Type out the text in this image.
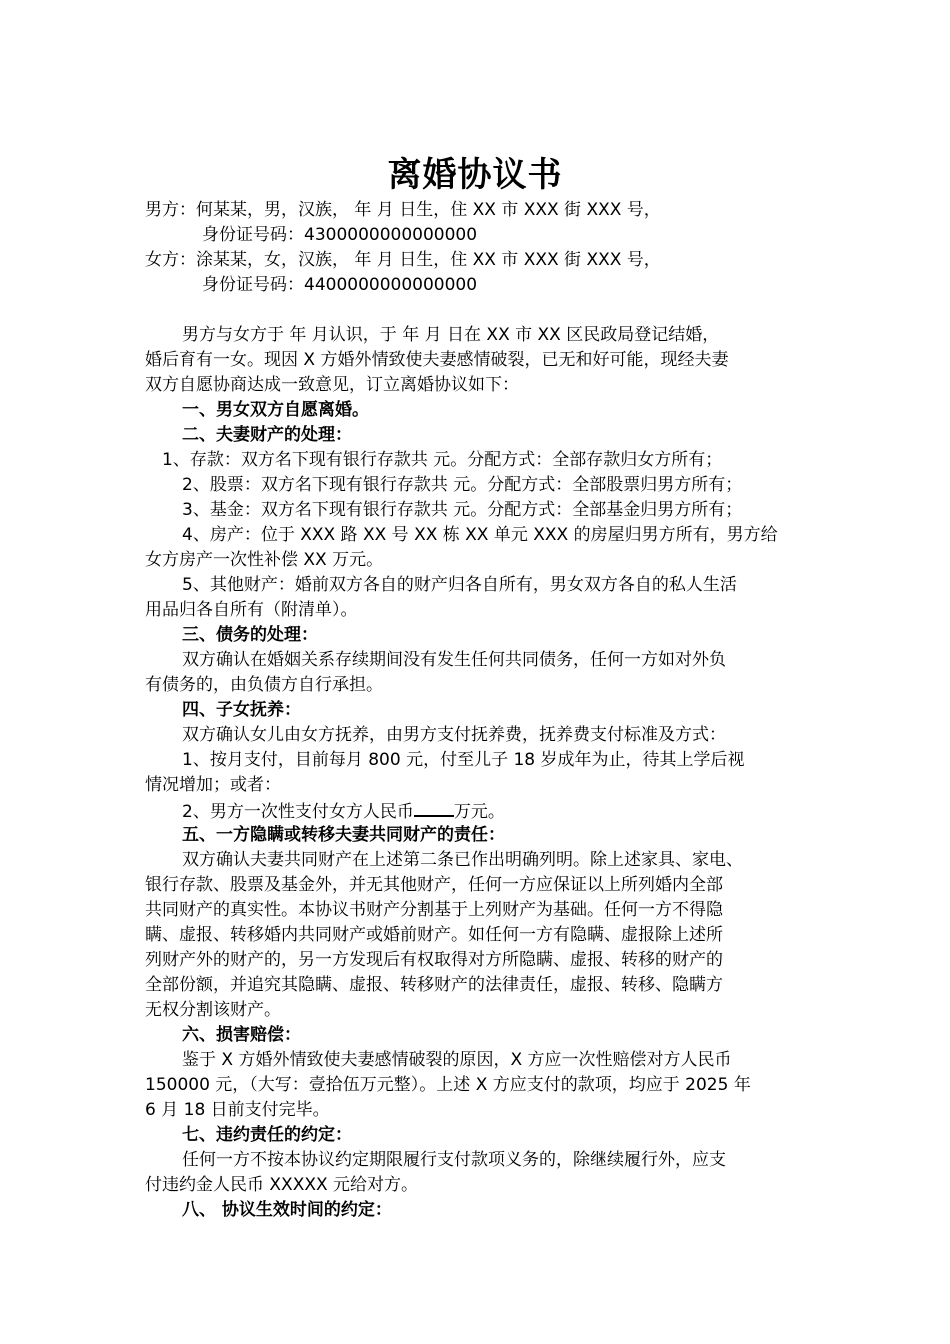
离婚协议书
男方：何某某，男，汉族， 年 月 日生，住 XX 市 XXX 街 XXX 号，
身份证号码：4300000000000000
女方：涂某某，女，汉族， 年 月 日生，住 XX 市 XXX 街 XXX 号，
身份证号码：4400000000000000
男方与女方于 年 月认识，于 年 月 日在 XX 市 XX 区民政局登记结婚，
婚后育有一女。现因 X 方婚外情致使夫妻感情破裂，已无和好可能，现经夫妻
双方自愿协商达成一致意见，订立离婚协议如下：
一、男女双方自愿离婚。
二、夫妻财产的处理：
1、存款：双方名下现有银行存款共 元。分配方式：全部存款归女方所有；
2、股票：双方名下现有银行存款共 元。分配方式：全部股票归男方所有；
3、基金：双方名下现有银行存款共 元。分配方式：全部基金归男方所有；
4、房产：位于 XXX 路 XX 号 XX 栋 XX 单元 XXX 的房屋归男方所有，男方给
女方房产一次性补偿 XX 万元。
5、其他财产：婚前双方各自的财产归各自所有，男女双方各自的私人生活
用品归各自所有（附清单）。
三、债务的处理：
双方确认在婚姻关系存续期间没有发生任何共同债务，任何一方如对外负
有债务的，由负债方自行承担。
四、子女抚养：
双方确认女儿由女方抚养，由男方支付抚养费，抚养费支付标准及方式：
1、按月支付，目前每月 800 元，付至儿子 18 岁成年为止，待其上学后视
情况增加；或者：
2、男方一次性支付女方人民币 万元。
五、一方隐瞒或转移夫妻共同财产的责任：
双方确认夫妻共同财产在上述第二条已作出明确列明。除上述家具、家电、
银行存款、股票及基金外，并无其他财产，任何一方应保证以上所列婚内全部
共同财产的真实性。本协议书财产分割基于上列财产为基础。任何一方不得隐
瞒、虚报、转移婚内共同财产或婚前财产。如任何一方有隐瞒、虚报除上述所
列财产外的财产的，另一方发现后有权取得对方所隐瞒、虚报、转移的财产的
全部份额，并追究其隐瞒、虚报、转移财产的法律责任，虚报、转移、隐瞒方
无权分割该财产。
六、损害赔偿：
鉴于 X 方婚外情致使夫妻感情破裂的原因，X 方应一次性赔偿对方人民币
150000 元，（大写：壹拾伍万元整）。上述 X 方应支付的款项，均应于 2025 年
6 月 18 日前支付完毕。
七、违约责任的约定：
任何一方不按本协议约定期限履行支付款项义务的，除继续履行外，应支
付违约金人民币 XXXXX 元给对方。
八、 协议生效时间的约定：
